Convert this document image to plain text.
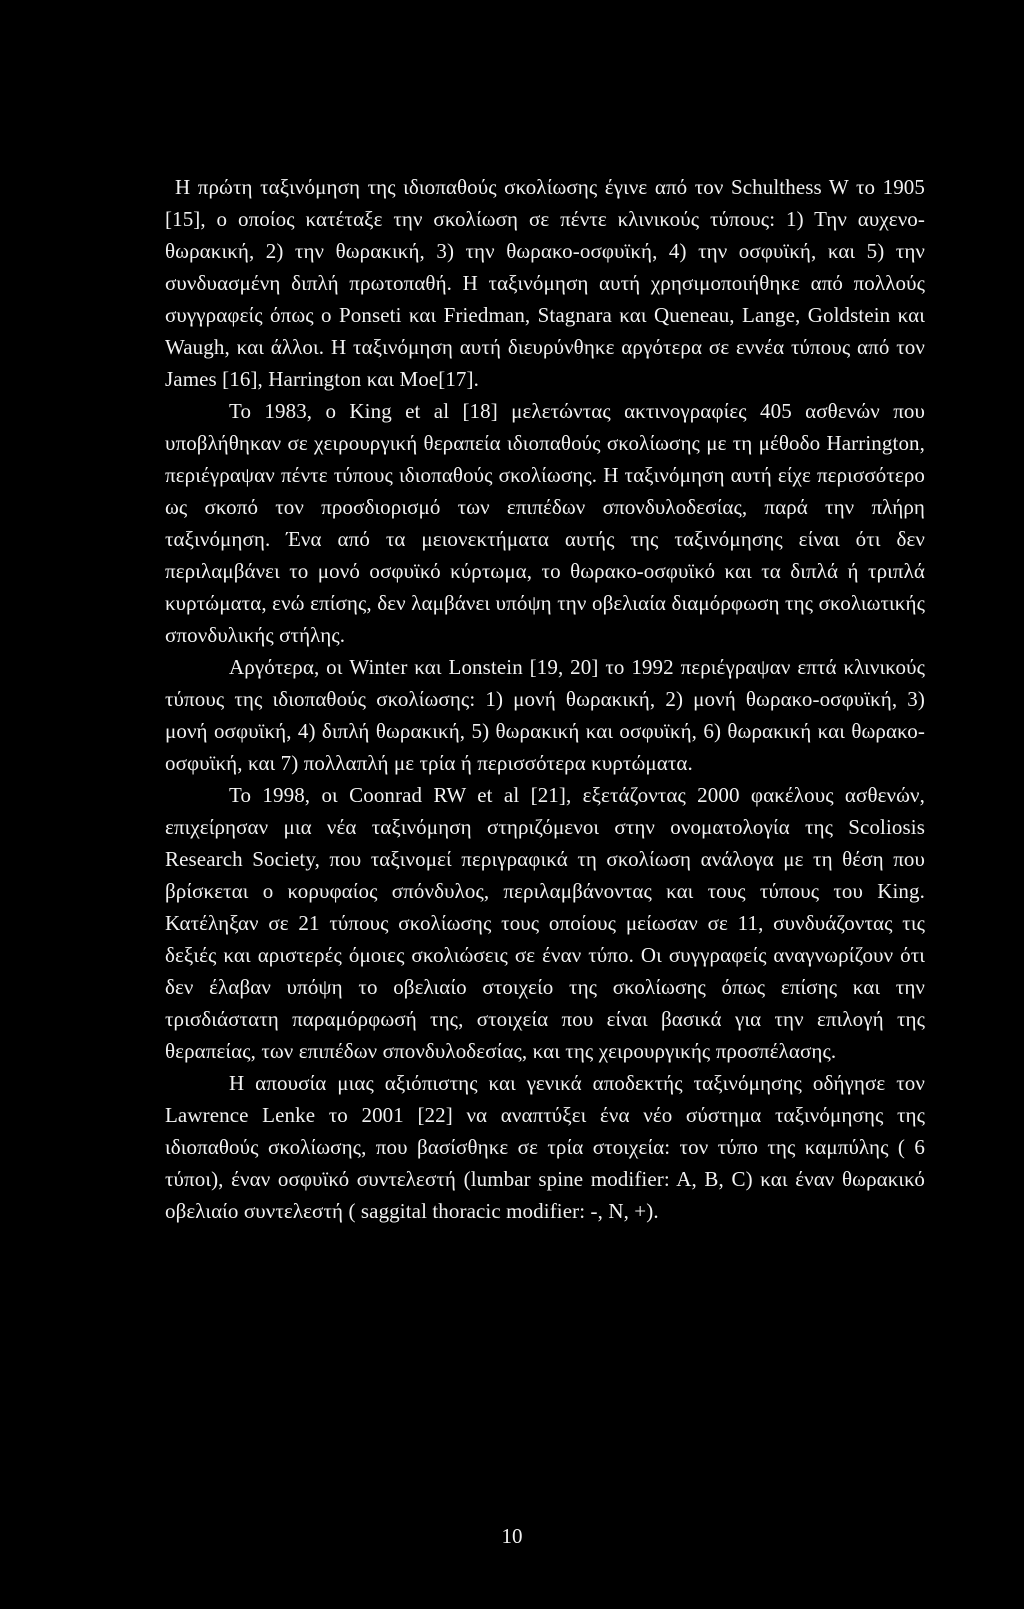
Η πρώτη ταξινόμηση της ιδιοπαθούς σκολίωσης έγινε από τον Schulthess W το 1905 [15], ο οποίος κατέταξε την σκολίωση σε πέντε κλινικούς τύπους: 1) Την αυχενο-θωρακική, 2) την θωρακική, 3) την θωρακο-οσφυϊκή, 4) την οσφυϊκή, και 5) την συνδυασμένη διπλή πρωτοπαθή. Η ταξινόμηση αυτή χρησιμοποιήθηκε από πολλούς συγγραφείς όπως ο Ponseti και Friedman, Stagnara και Queneau, Lange, Goldstein και Waugh, και άλλοι. Η ταξινόμηση αυτή διευρύνθηκε αργότερα σε εννέα τύπους από τον James [16], Harrington και Moe[17].

Το 1983, ο King et al [18] μελετώντας ακτινογραφίες 405 ασθενών που υποβλήθηκαν σε χειρουργική θεραπεία ιδιοπαθούς σκολίωσης με τη μέθοδο Harrington, περιέγραψαν πέντε τύπους ιδιοπαθούς σκολίωσης. Η ταξινόμηση αυτή είχε περισσότερο ως σκοπό τον προσδιορισμό των επιπέδων σπονδυλοδεσίας, παρά την πλήρη ταξινόμηση. Ένα από τα μειονεκτήματα αυτής της ταξινόμησης είναι ότι δεν περιλαμβάνει το μονό οσφυϊκό κύρτωμα, το θωρακο-οσφυϊκό και τα διπλά ή τριπλά κυρτώματα, ενώ επίσης, δεν λαμβάνει υπόψη την οβελιαία διαμόρφωση της σκολιωτικής σπονδυλικής στήλης.

Αργότερα, οι Winter και Lonstein [19, 20] το 1992 περιέγραψαν επτά κλινικούς τύπους της ιδιοπαθούς σκολίωσης: 1) μονή θωρακική, 2) μονή θωρακο-οσφυϊκή, 3) μονή οσφυϊκή, 4) διπλή θωρακική, 5) θωρακική και οσφυϊκή, 6) θωρακική και θωρακο-οσφυϊκή, και 7) πολλαπλή με τρία ή περισσότερα κυρτώματα.

Το 1998, οι Coonrad RW et al [21], εξετάζοντας 2000 φακέλους ασθενών, επιχείρησαν μια νέα ταξινόμηση στηριζόμενοι στην ονοματολογία της Scoliosis Research Society, που ταξινομεί περιγραφικά τη σκολίωση ανάλογα με τη θέση που βρίσκεται ο κορυφαίος σπόνδυλος, περιλαμβάνοντας και τους τύπους του King. Κατέληξαν σε 21 τύπους σκολίωσης τους οποίους μείωσαν σε 11, συνδυάζοντας τις δεξιές και αριστερές όμοιες σκολιώσεις σε έναν τύπο. Οι συγγραφείς αναγνωρίζουν ότι δεν έλαβαν υπόψη το οβελιαίο στοιχείο της σκολίωσης όπως επίσης και την τρισδιάστατη παραμόρφωσή της, στοιχεία που είναι βασικά για την επιλογή της θεραπείας, των επιπέδων σπονδυλοδεσίας, και της χειρουργικής προσπέλασης.

Η απουσία μιας αξιόπιστης και γενικά αποδεκτής ταξινόμησης οδήγησε τον Lawrence Lenke το 2001 [22] να αναπτύξει ένα νέο σύστημα ταξινόμησης της ιδιοπαθούς σκολίωσης, που βασίσθηκε σε τρία στοιχεία: τον τύπο της καμπύλης ( 6 τύποι), έναν οσφυϊκό συντελεστή (lumbar spine modifier: A, B, C) και έναν θωρακικό οβελιαίο συντελεστή ( saggital thoracic modifier: -, N, +).

10
